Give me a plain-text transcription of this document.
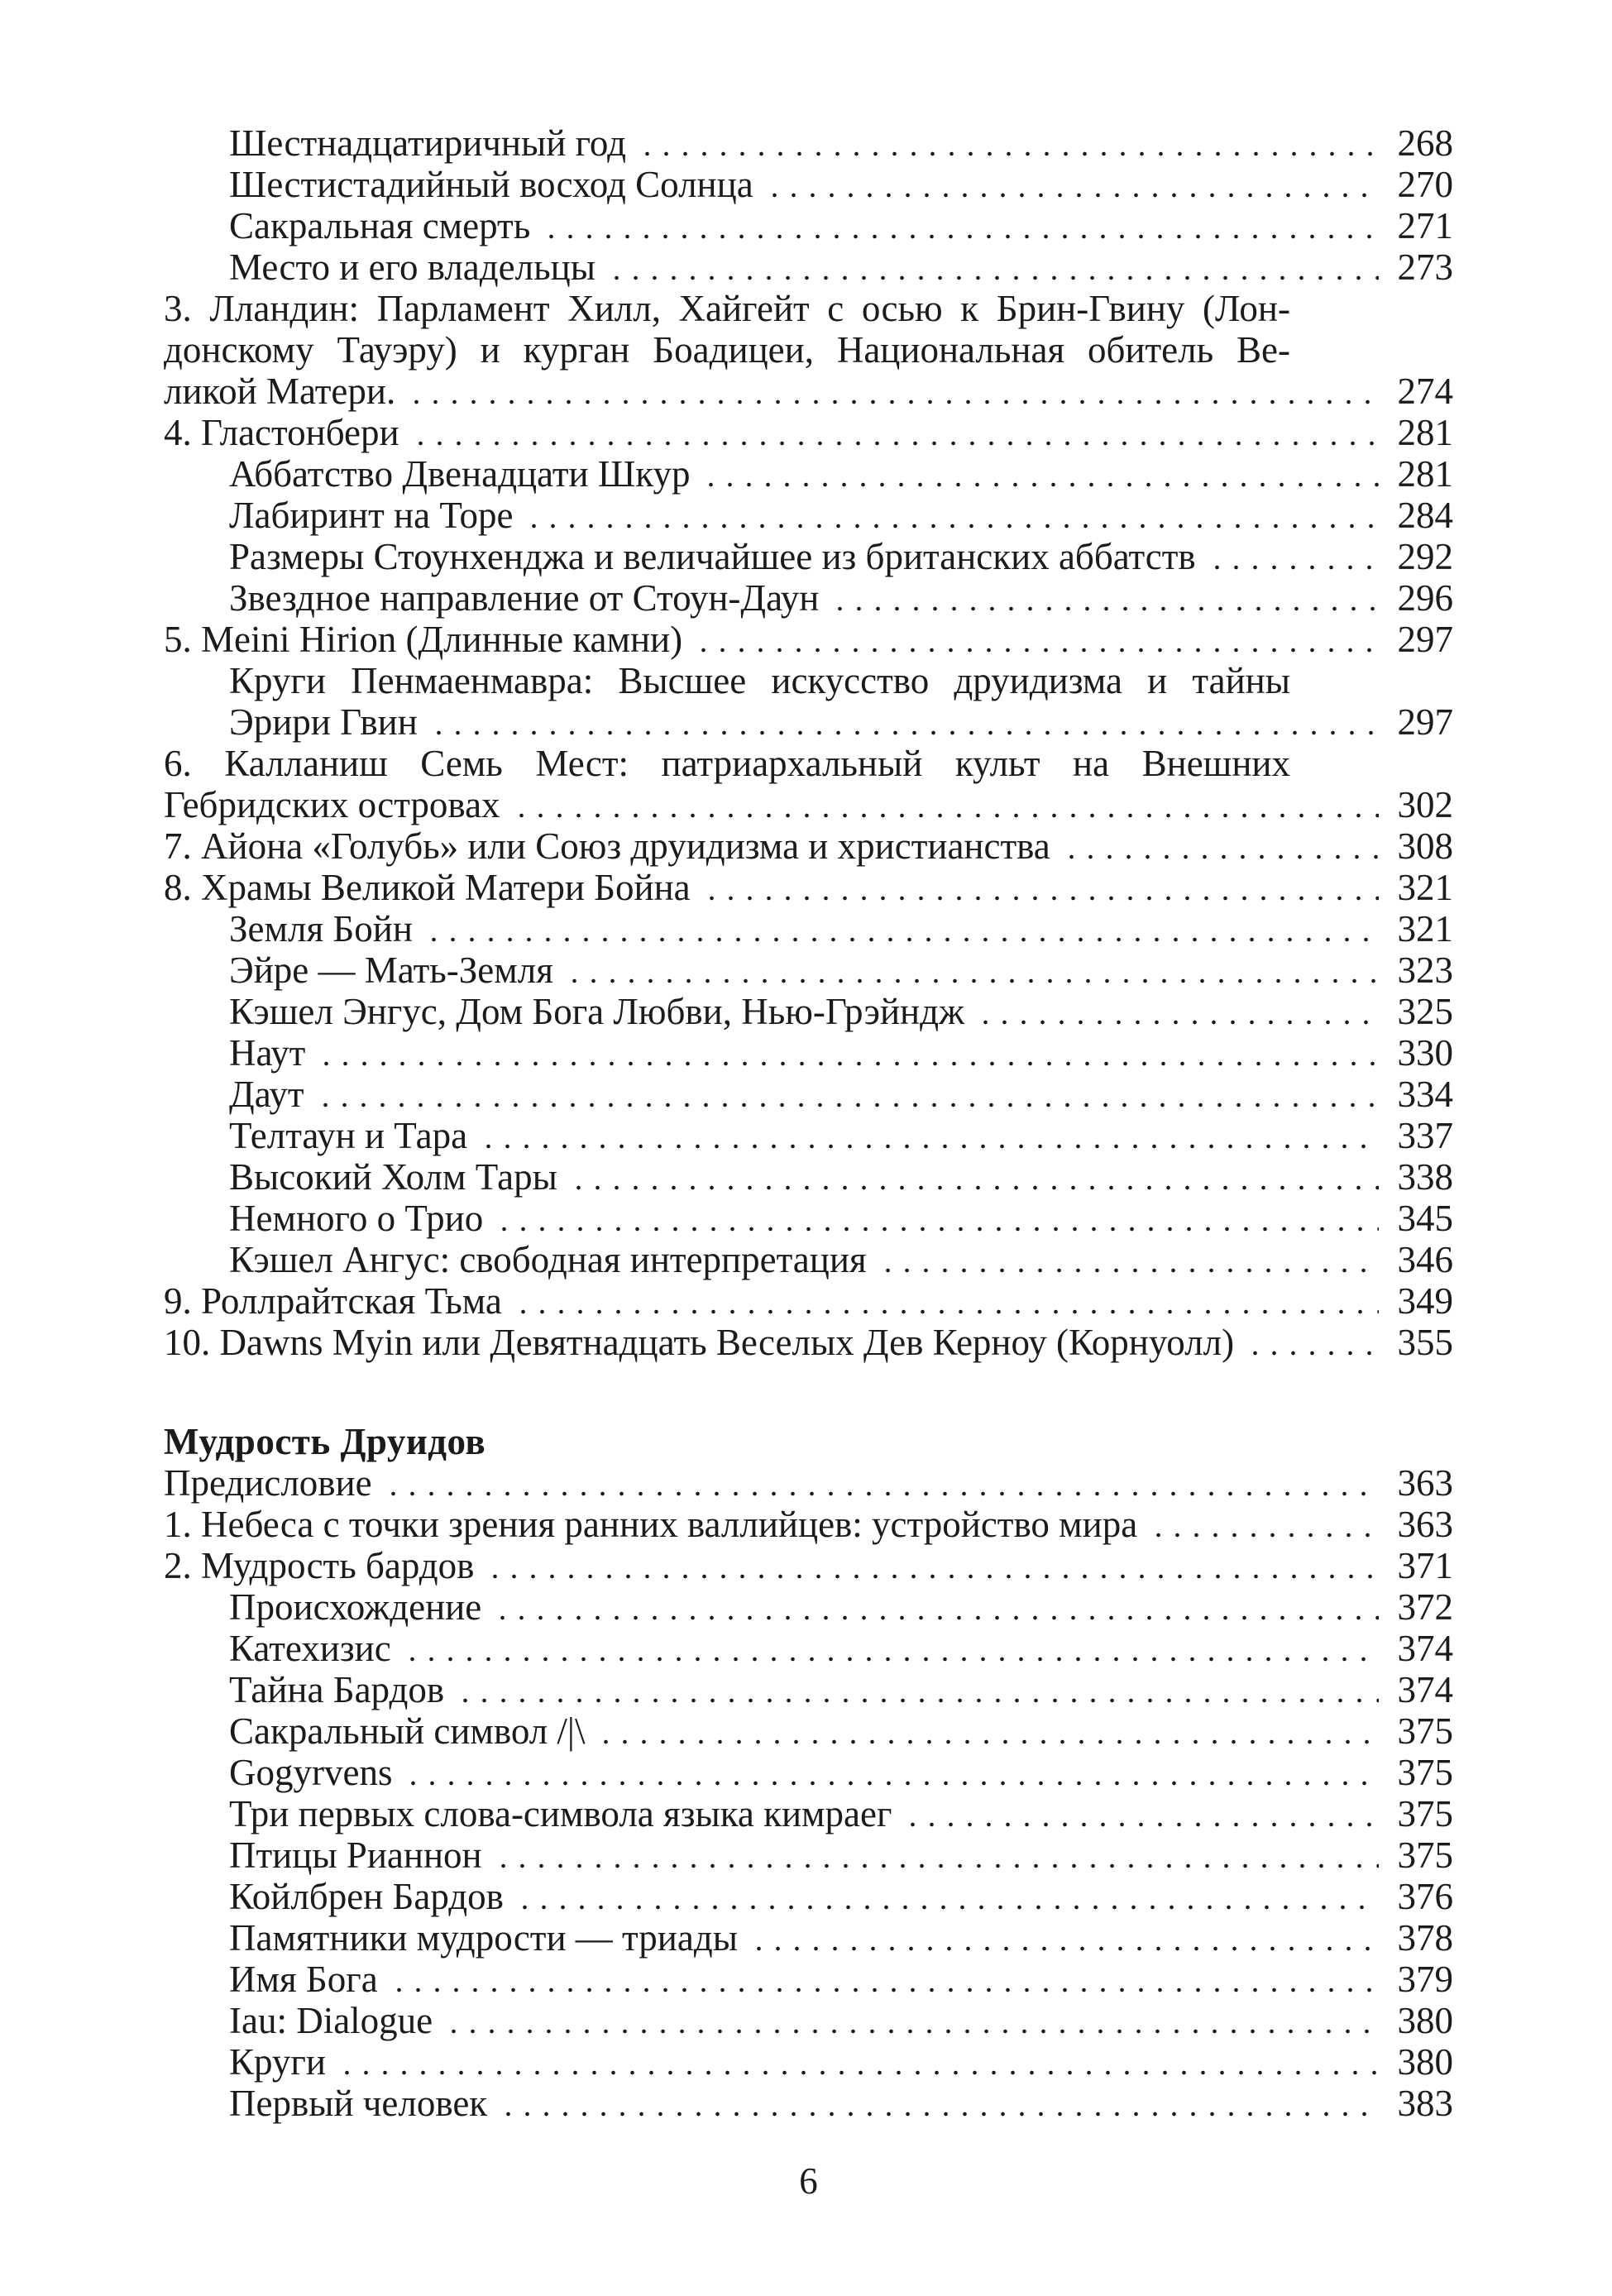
Шестнадцатиричный год	268
Шестистадийный восход Солнца	270
Сакральная смерть	271
Место и его владельцы	273
3. Лландин: Парламент Хилл, Хайгейт с осью к Брин-Гвину (Лон-
донскому Тауэру) и курган Боадицеи, Национальная обитель Ве-
ликой Матери.	274
4. Гластонбери	281
Аббатство Двенадцати Шкур	281
Лабиринт на Торе	284
Размеры Стоунхенджа и величайшее из британских аббатств	292
Звездное направление от Стоун-Даун	296
5. Meini Hirion (Длинные камни)	297
Круги Пенмаенмавра: Высшее искусство друидизма и тайны
Эрири Гвин	297
6. Калланиш Семь Мест: патриархальный культ на Внешних
Гебридских островах	302
7. Айона «Голубь» или Союз друидизма и христианства	308
8. Храмы Великой Матери Бойна	321
Земля Бойн	321
Эйре — Мать-Земля	323
Кэшел Энгус, Дом Бога Любви, Нью-Грэйндж	325
Наут	330
Даут	334
Телтаун и Тара	337
Высокий Холм Тары	338
Немного о Трио	345
Кэшел Ангус: свободная интерпретация	346
9. Роллрайтская Тьма	349
10. Dawns Myin или Девятнадцать Веселых Дев Керноу (Корнуолл)	355
Мудрость Друидов
Предисловие	363
1. Небеса с точки зрения ранних валлийцев: устройство мира	363
2. Мудрость бардов	371
Происхождение	372
Катехизис	374
Тайна Бардов	374
Сакральный символ /|\	375
Gogyrvens	375
Три первых слова-символа языка кимраег	375
Птицы Рианнон	375
Койлбрен Бардов	376
Памятники мудрости — триады	378
Имя Бога	379
Iau: Dialogue	380
Круги	380
Первый человек	383
6
